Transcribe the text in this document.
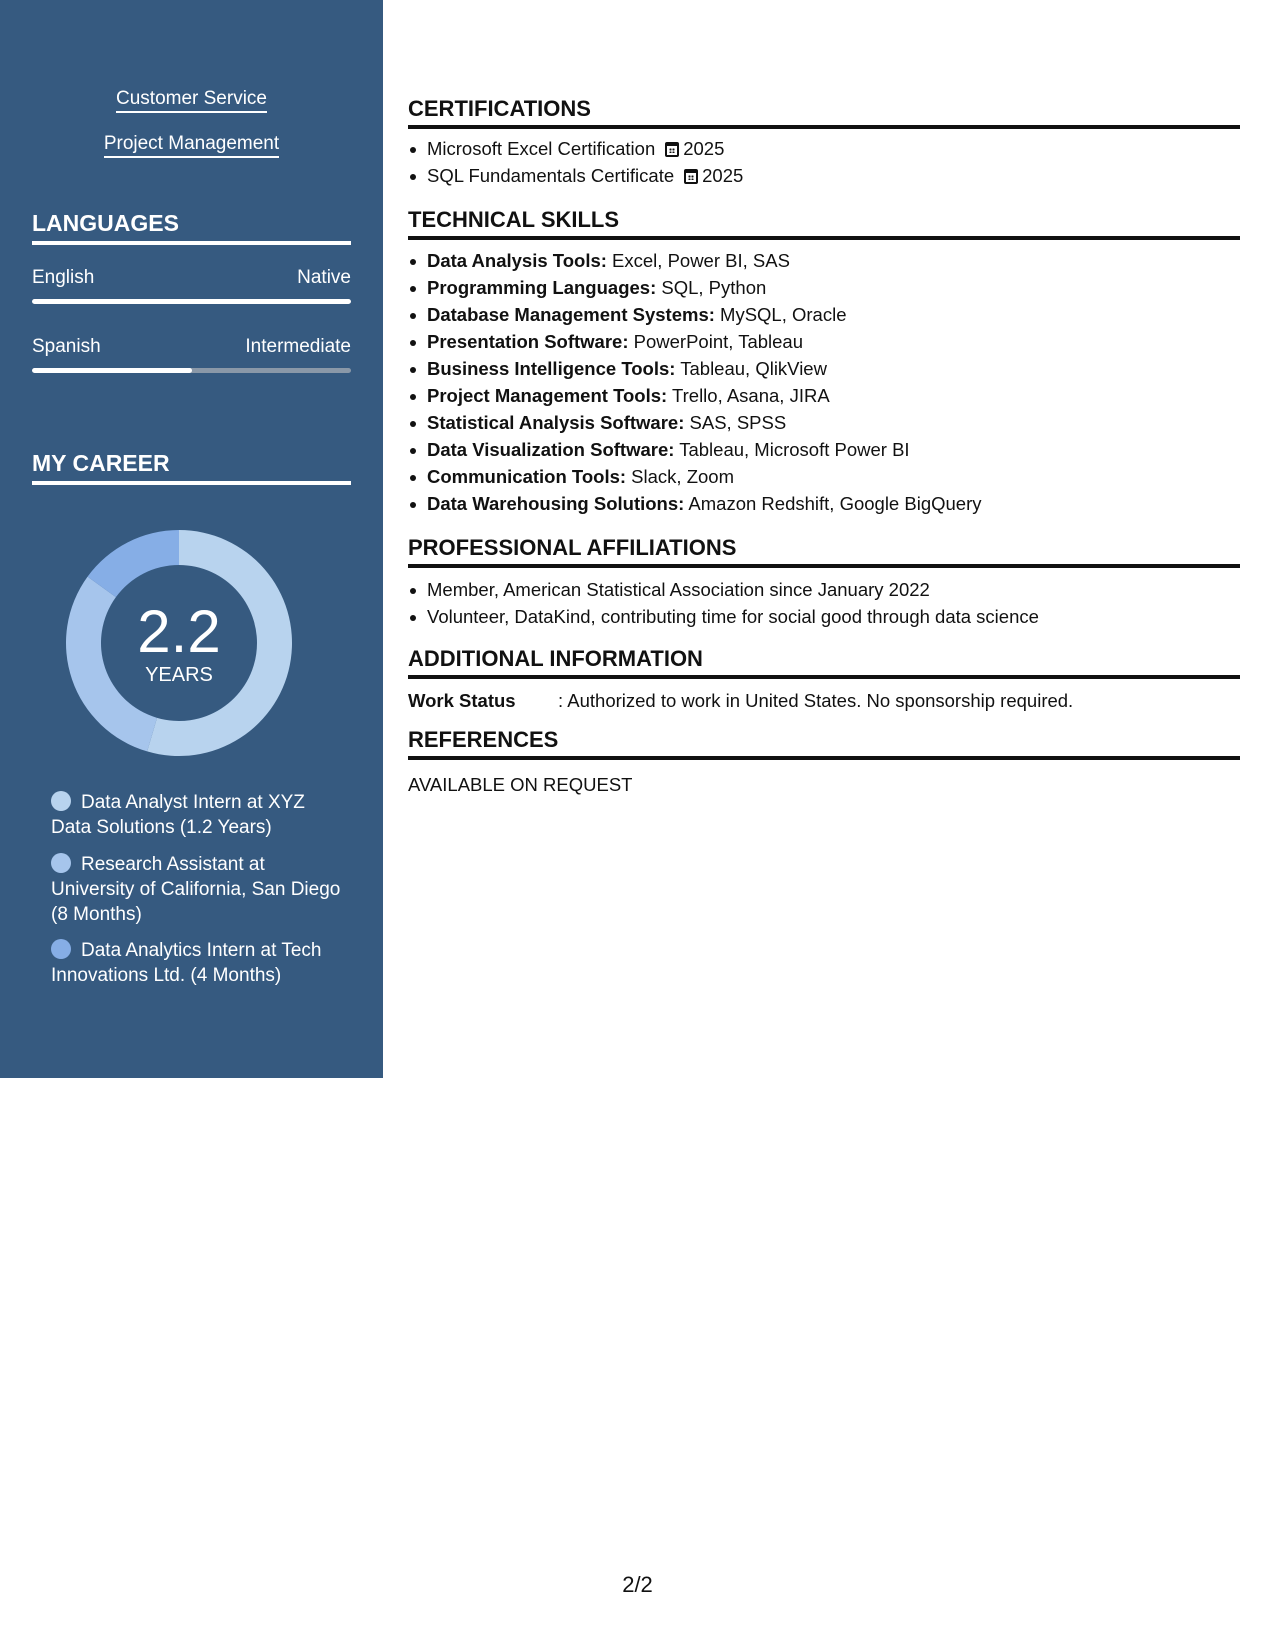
Customer Service
Project Management
LANGUAGES
English	Native
Spanish	Intermediate
MY CAREER
2.2
YEARS
Data Analyst Intern at XYZ Data Solutions (1.2 Years)
Research Assistant at University of California, San Diego (8 Months)
Data Analytics Intern at Tech Innovations Ltd. (4 Months)
CERTIFICATIONS
Microsoft Excel Certification 2025
SQL Fundamentals Certificate 2025
TECHNICAL SKILLS
Data Analysis Tools: Excel, Power BI, SAS
Programming Languages: SQL, Python
Database Management Systems: MySQL, Oracle
Presentation Software: PowerPoint, Tableau
Business Intelligence Tools: Tableau, QlikView
Project Management Tools: Trello, Asana, JIRA
Statistical Analysis Software: SAS, SPSS
Data Visualization Software: Tableau, Microsoft Power BI
Communication Tools: Slack, Zoom
Data Warehousing Solutions: Amazon Redshift, Google BigQuery
PROFESSIONAL AFFILIATIONS
Member, American Statistical Association since January 2022
Volunteer, DataKind, contributing time for social good through data science
ADDITIONAL INFORMATION
Work Status : Authorized to work in United States. No sponsorship required.
REFERENCES
AVAILABLE ON REQUEST
2/2
